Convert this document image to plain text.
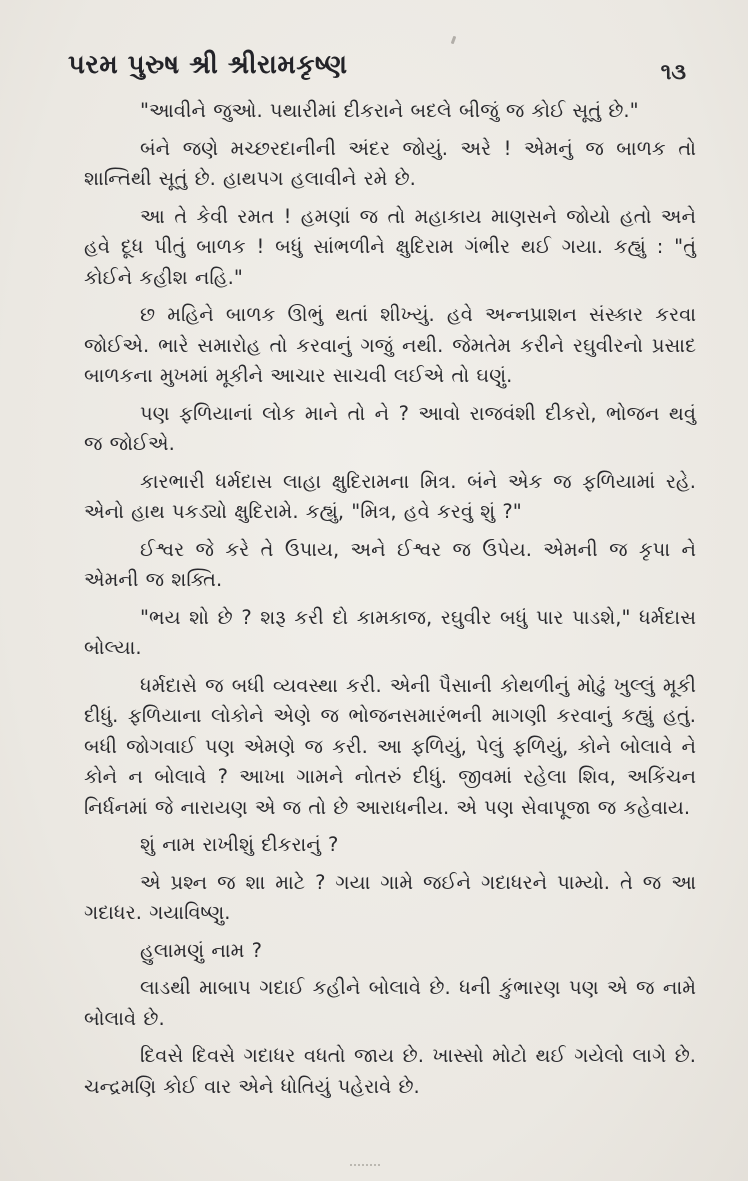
પરમ પુરુષ શ્રી શ્રીરામકૃષ્ણ	૧૩

"આવીને જુઓ. પથારીમાં દીકરાને બદલે બીજું જ કોઈ સૂતું છે."

બંને જણે મચ્છરદાનીની અંદર જોયું. અરે ! એમનું જ બાળક તો શાન્તિથી સૂતું છે. હાથપગ હલાવીને રમે છે.

આ તે કેવી રમત ! હમણાં જ તો મહાકાય માણસને જોયો હતો અને હવે દૂધ પીતું બાળક ! બધું સાંભળીને ક્ષુદિરામ ગંભીર થઈ ગયા. કહ્યું : "તું કોઈને કહીશ નહિ."

છ મહિને બાળક ઊભું થતાં શીખ્યું. હવે અન્નપ્રાશન સંસ્કાર કરવા જોઈએ. ભારે સમારોહ તો કરવાનું ગજું નથી. જેમતેમ કરીને રઘુવીરનો પ્રસાદ બાળકના મુખમાં મૂકીને આચાર સાચવી લઈએ તો ઘણું.

પણ ફળિયાનાં લોક માને તો ને ? આવો રાજવંશી દીકરો, ભોજન થવું જ જોઈએ.

કારભારી ધર્મદાસ લાહા ક્ષુદિરામના મિત્ર. બંને એક જ ફળિયામાં રહે. એનો હાથ પકડ્યો ક્ષુદિરામે. કહ્યું, "મિત્ર, હવે કરવું શું ?"

ઈશ્વર જે કરે તે ઉપાય, અને ઈશ્વર જ ઉપેય. એમની જ કૃપા ને એમની જ શક્તિ.

"ભય શો છે ? શરૂ કરી દો કામકાજ, રઘુવીર બધું પાર પાડશે," ધર્મદાસ બોલ્યા.

ધર્મદાસે જ બધી વ્યવસ્થા કરી. એની પૈસાની કોથળીનું મોઢું ખુલ્લું મૂકી દીધું. ફળિયાના લોકોને એણે જ ભોજનસમારંભની માગણી કરવાનું કહ્યું હતું. બધી જોગવાઈ પણ એમણે જ કરી. આ ફળિયું, પેલું ફળિયું, કોને બોલાવે ને કોને ન બોલાવે ? આખા ગામને નોતરું દીધું. જીવમાં રહેલા શિવ, અકિંચન નિર્ધનમાં જે નારાયણ એ જ તો છે આરાધનીય. એ પણ સેવાપૂજા જ કહેવાય.

શું નામ રાખીશું દીકરાનું ?

એ પ્રશ્ન જ શા માટે ? ગયા ગામે જઈને ગદાધરને પામ્યો. તે જ આ ગદાધર. ગયાવિષ્ણુ.

હુલામણું નામ ?

લાડથી માબાપ ગદાઈ કહીને બોલાવે છે. ધની કુંભારણ પણ એ જ નામે બોલાવે છે.

દિવસે દિવસે ગદાધર વધતો જાય છે. ખાસ્સો મોટો થઈ ગયેલો લાગે છે. ચન્દ્રમણિ કોઈ વાર એને ધોતિયું પહેરાવે છે.
